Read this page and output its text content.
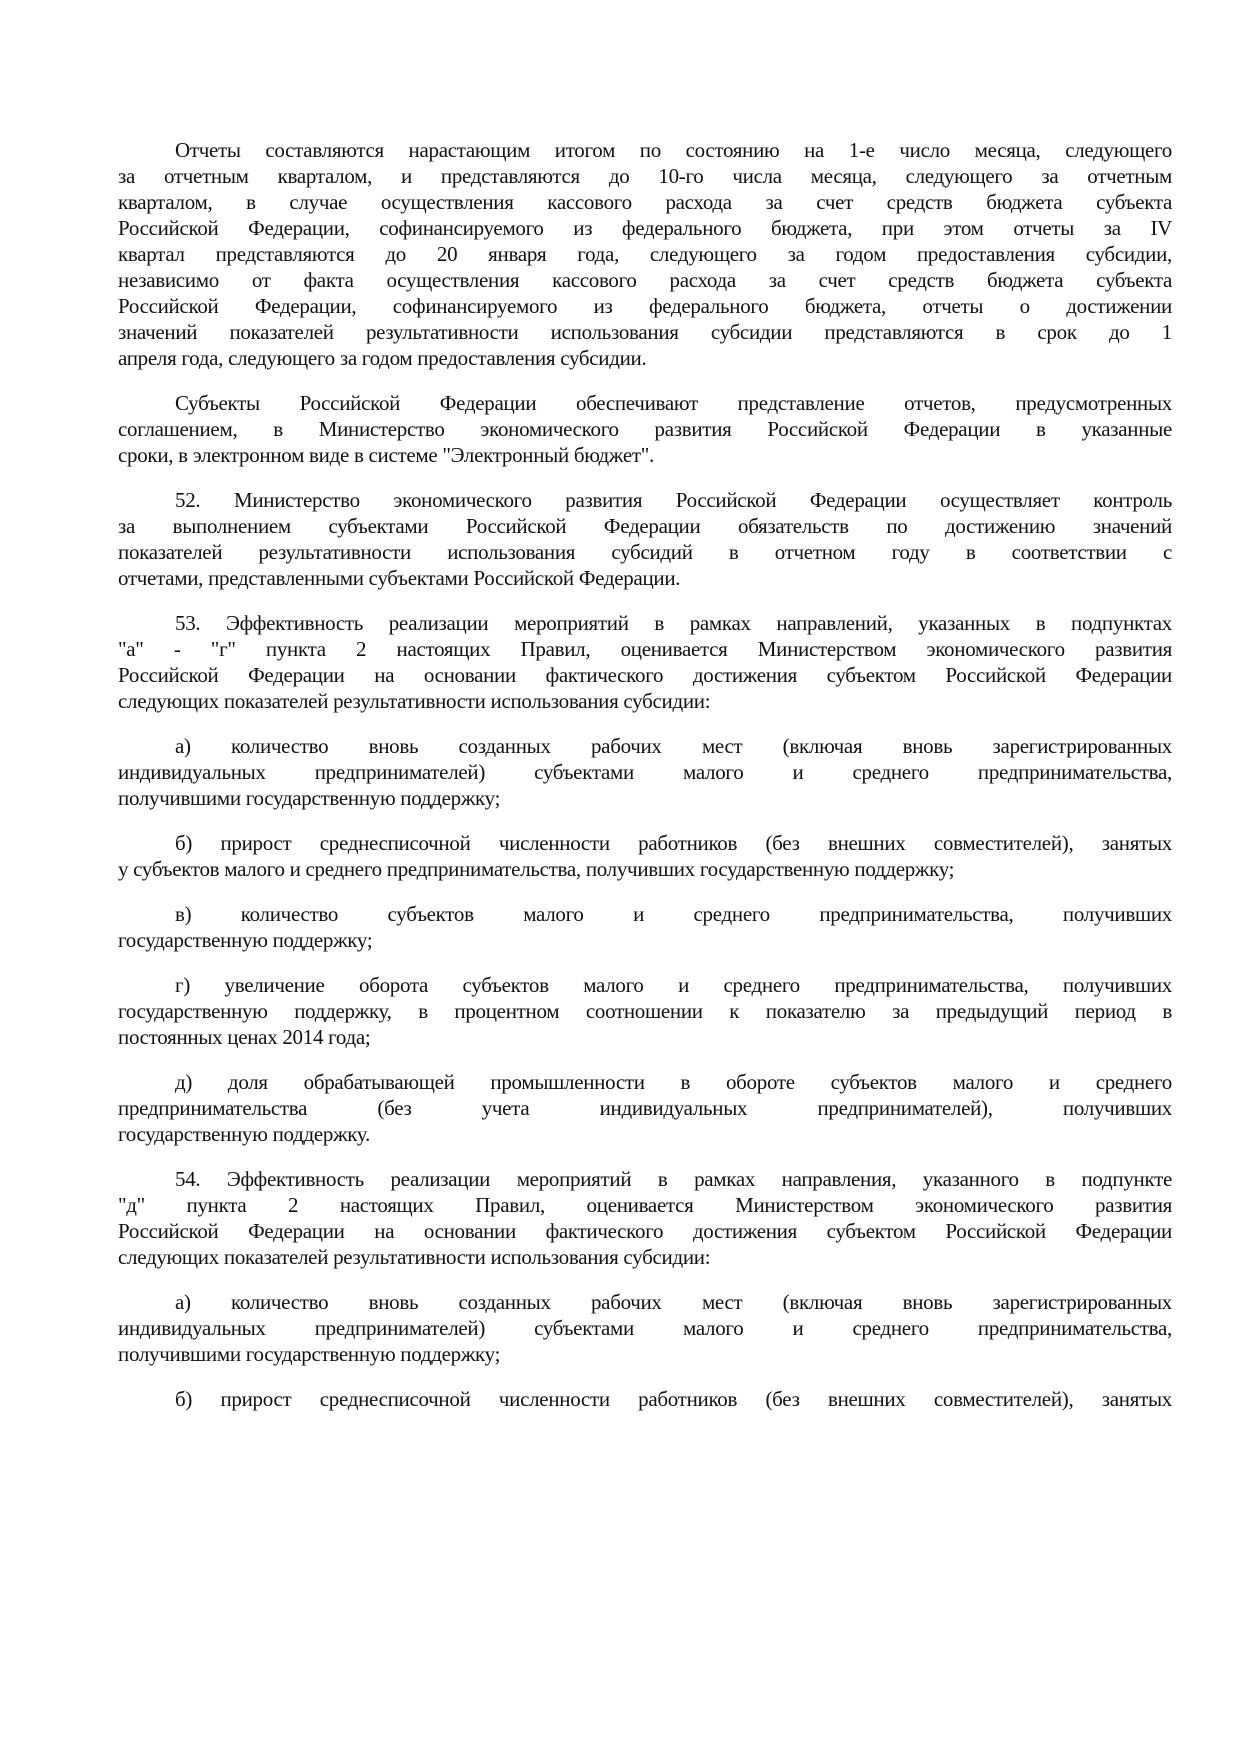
Отчеты составляются нарастающим итогом по состоянию на 1-е число месяца, следующего
за отчетным кварталом, и представляются до 10-го числа месяца, следующего за отчетным
кварталом, в случае осуществления кассового расхода за счет средств бюджета субъекта
Российской Федерации, софинансируемого из федерального бюджета, при этом отчеты за IV
квартал представляются до 20 января года, следующего за годом предоставления субсидии,
независимо от факта осуществления кассового расхода за счет средств бюджета субъекта
Российской Федерации, софинансируемого из федерального бюджета, отчеты о достижении
значений показателей результативности использования субсидии представляются в срок до 1
апреля года, следующего за годом предоставления субсидии.
Субъекты Российской Федерации обеспечивают представление отчетов, предусмотренных
соглашением, в Министерство экономического развития Российской Федерации в указанные
сроки, в электронном виде в системе "Электронный бюджет".
52. Министерство экономического развития Российской Федерации осуществляет контроль
за выполнением субъектами Российской Федерации обязательств по достижению значений
показателей результативности использования субсидий в отчетном году в соответствии с
отчетами, представленными субъектами Российской Федерации.
53. Эффективность реализации мероприятий в рамках направлений, указанных в подпунктах
"а" - "г" пункта 2 настоящих Правил, оценивается Министерством экономического развития
Российской Федерации на основании фактического достижения субъектом Российской Федерации
следующих показателей результативности использования субсидии:
а) количество вновь созданных рабочих мест (включая вновь зарегистрированных
индивидуальных предпринимателей) субъектами малого и среднего предпринимательства,
получившими государственную поддержку;
б) прирост среднесписочной численности работников (без внешних совместителей), занятых
у субъектов малого и среднего предпринимательства, получивших государственную поддержку;
в) количество субъектов малого и среднего предпринимательства, получивших
государственную поддержку;
г) увеличение оборота субъектов малого и среднего предпринимательства, получивших
государственную поддержку, в процентном соотношении к показателю за предыдущий период в
постоянных ценах 2014 года;
д) доля обрабатывающей промышленности в обороте субъектов малого и среднего
предпринимательства (без учета индивидуальных предпринимателей), получивших
государственную поддержку.
54. Эффективность реализации мероприятий в рамках направления, указанного в подпункте
"д" пункта 2 настоящих Правил, оценивается Министерством экономического развития
Российской Федерации на основании фактического достижения субъектом Российской Федерации
следующих показателей результативности использования субсидии:
а) количество вновь созданных рабочих мест (включая вновь зарегистрированных
индивидуальных предпринимателей) субъектами малого и среднего предпринимательства,
получившими государственную поддержку;
б) прирост среднесписочной численности работников (без внешних совместителей), занятых
